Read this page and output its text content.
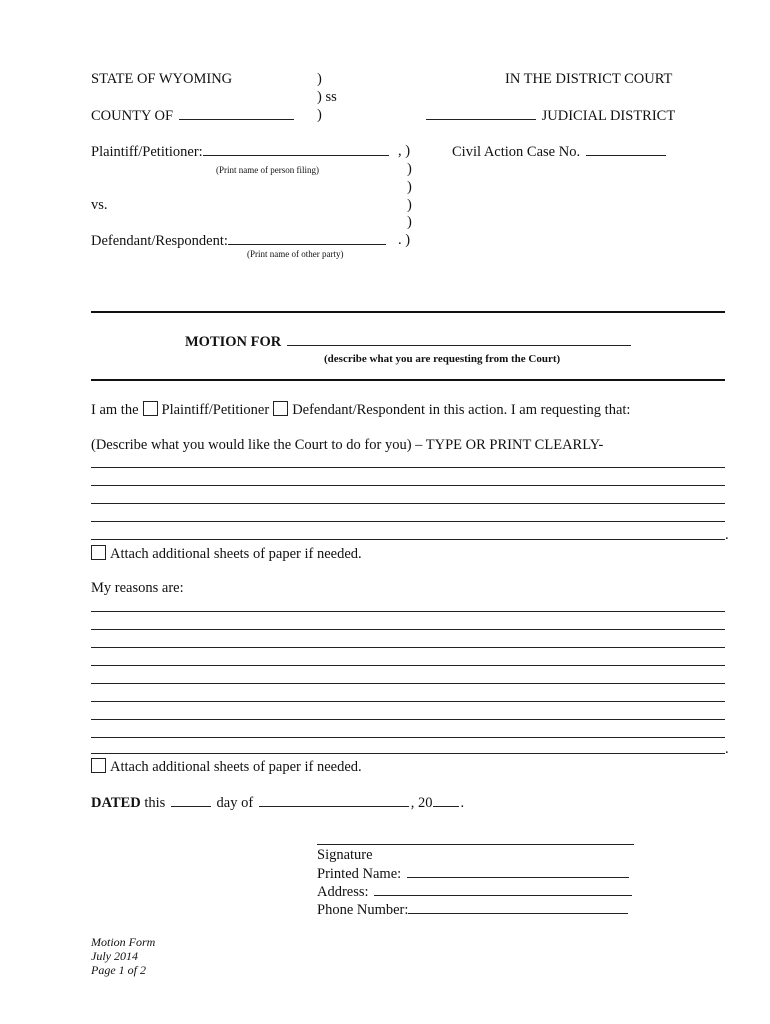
STATE OF WYOMING	)	IN THE DISTRICT COURT
) ss
COUNTY OF	)	JUDICIAL DISTRICT
Plaintiff/Petitioner:	, )	Civil Action Case No.
(Print name of person filing)	)
)
vs.	)
)
Defendant/Respondent:	. )
(Print name of other party)
MOTION FOR
(describe what you are requesting from the Court)
I am the Plaintiff/Petitioner Defendant/Respondent in this action. I am requesting that:
(Describe what you would like the Court to do for you) – TYPE OR PRINT CLEARLY-
.
Attach additional sheets of paper if needed.
My reasons are:
.
Attach additional sheets of paper if needed.
DATED this	day of	, 20 .
Signature
Printed Name:
Address:
Phone Number:
Motion Form
July 2014
Page 1 of 2
